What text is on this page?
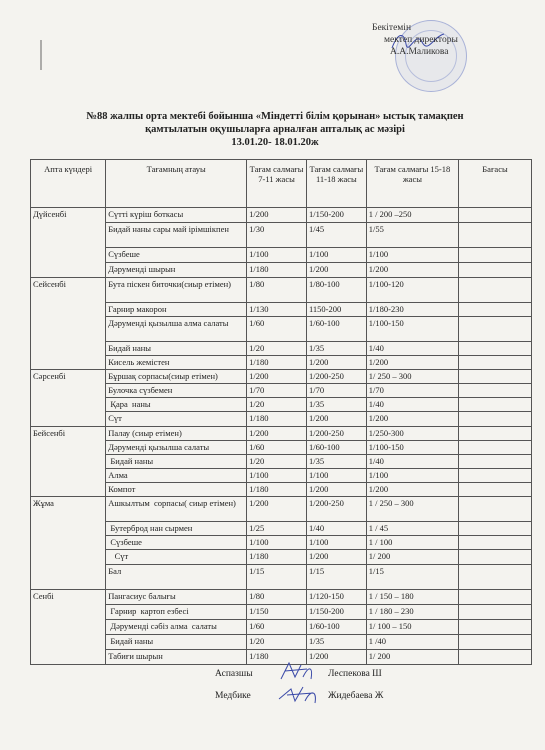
Бекітемін
мектеп директоры
А.А.Маликова
№88 жалпы орта мектебі бойынша «Міндетті білім қорынан» ыстық тамақпен
қамтылатын оқушыларға арналған апталық ас мәзірі
13.01.20- 18.01.20ж
Апта күндері	Тағамның атауы	Тағам салмағы 7-11 жасы	Тағам салмағы 11-18 жасы	Тағам салмағы 15-18 жасы	Бағасы
Дүйсенбі	Сүтті күріш боткасы	1/200	1/150-200	1 / 200 –250	
	Бидай наны сары май ірімшікпен	1/30	1/45	1/55	
	Сүзбеше	1/100	1/100	1/100	
	Дәрумендi шырын	1/180	1/200	1/200	
Сейсенбі	Бута пiскен биточки(сиыр етімен)	1/80	1/80-100	1/100-120	
	Гарнир макорон	1/130	1150-200	1/180-230	
	Дәрумендi қызылша алма салаты	1/60	1/60-100	1/100-150	
	Бидай наны	1/20	1/35	1/40	
	Кисель жемістен	1/180	1/200	1/200	
Сәрсенбі	Бұршақ сорпасы(сиыр етімен)	1/200	1/200-250	1/ 250 – 300	
	Булочка сүзбемен	1/70	1/70	1/70	
	Қара  наны	1/20	1/35	1/40	
	Сүт	1/180	1/200	1/200	
Бейсенбі	Палау (сиыр етімен)	1/200	1/200-250	1/250-300	
	Дәрумендi қызылша салаты	1/60	1/60-100	1/100-150	
	Бидай наны	1/20	1/35	1/40	
	Алма	1/100	1/100	1/100	
	Компот	1/180	1/200	1/200	
Жұма	Ашкылтым  сорпасы( сиыр етімен)	1/200	1/200-250	1 / 250 – 300	
	Бутерброд нан сырмен	1/25	1/40	1 / 45	
	Сүзбеше	1/100	1/100	1 / 100	
	Сүт	1/180	1/200	1/ 200	
	Бал	1/15	1/15	1/15	
Сенбі	Пангасиус балығы	1/80	1/120-150	1 / 150 – 180	
	Гарнир  картоп езбесі	1/150	1/150-200	1 / 180 – 230	
	Дәрумендi сәбіз алма  салаты	1/60	1/60-100	1/ 100 – 150	
	Бидай наны	1/20	1/35	1 /40	
	Табиғи шырын	1/180	1/200	1/ 200	
Аспазшы	Леспекова Ш
Медбике	Жидебаева Ж
